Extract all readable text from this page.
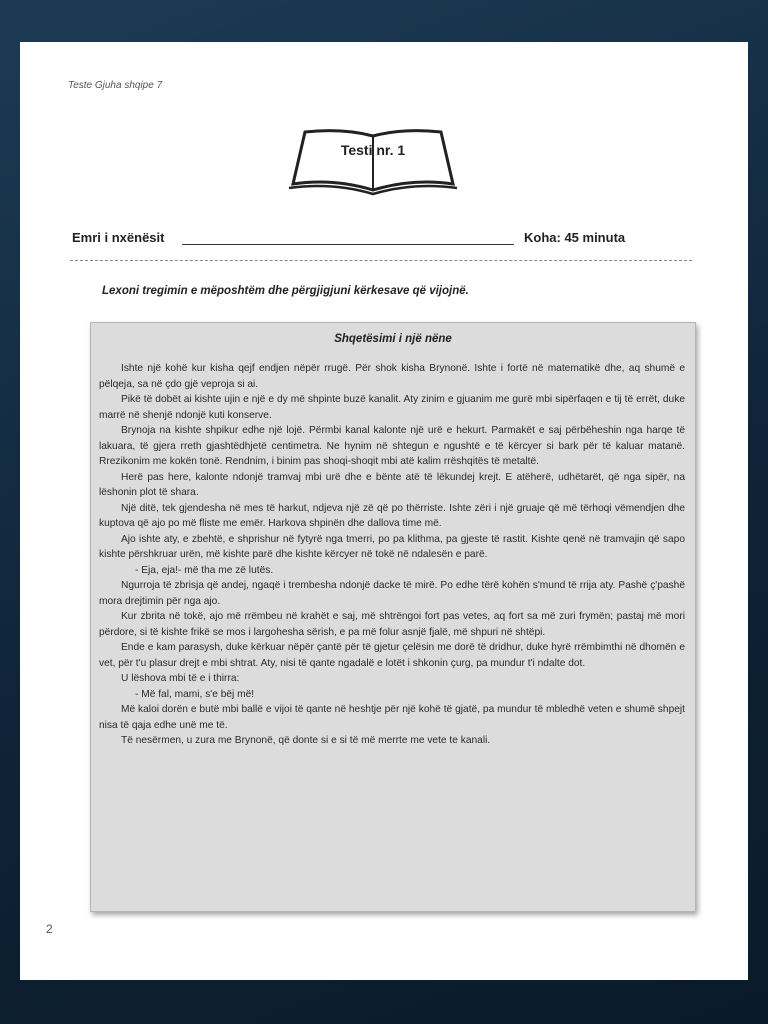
Teste Gjuha shqipe 7
Testi nr. 1
Emri i nxënësit	Koha: 45 minuta
Lexoni tregimin e mëposhtëm dhe përgjigjuni kërkesave që vijojnë.
Shqetësimi i një nëne

Ishte një kohë kur kisha qejf endjen nëpër rrugë. Për shok kisha Brynonë. Ishte i fortë në matematikë dhe, aq shumë e pëlqeja, sa në çdo gjë veproja si ai.

Pikë të dobët ai kishte ujin e një e dy më shpinte buzë kanalit. Aty zinim e gjuanim me gurë mbi sipërfaqen e tij të errët, duke marrë në shenjë ndonjë kuti konserve.

Brynoja na kishte shpikur edhe një lojë. Përmbi kanal kalonte një urë e hekurt. Parmakët e saj përbëheshin nga harqe të lakuara, të gjera rreth gjashtëdhjetë centimetra. Ne hynim në shtegun e ngushtë e të kërcyer si bark për të kaluar matanë. Rrezikonim me kokën tonë. Rendnim, i binim pas shoqi-shoqit mbi atë kalim rrëshqitës të metaltë.

Herë pas here, kalonte ndonjë tramvaj mbi urë dhe e bënte atë të lëkundej krejt. E atëherë, udhëtarët, që nga sipër, na lëshonin plot të shara.

Një ditë, tek gjendesha në mes të harkut, ndjeva një zë që po thërriste. Ishte zëri i një gruaje që më tërhoqi vëmendjen dhe kuptova që ajo po më fliste me emër. Harkova shpinën dhe dallova time më.

Ajo ishte aty, e zbehtë, e shprishur në fytyrë nga tmerri, po pa klithma, pa gjeste të rastit. Kishte qenë në tramvajin që sapo kishte përshkruar urën, më kishte parë dhe kishte kërcyer në tokë në ndalesën e parë.

- Eja, eja!- më tha me zë lutës.

Ngurroja të zbrisja që andej, ngaqë i trembesha ndonjë dacke të mirë. Po edhe tërë kohën s'mund të rrija aty. Pashë ç'pashë mora drejtimin për nga ajo.

Kur zbrita në tokë, ajo më rrëmbeu në krahët e saj, më shtrëngoi fort pas vetes, aq fort sa më zuri frymën; pastaj më mori përdore, si të kishte frikë se mos i largohesha sërish, e pa më folur asnjë fjalë, më shpuri në shtëpi.

Ende e kam parasysh, duke kërkuar nëpër çantë për të gjetur çelësin me dorë të dridhur, duke hyrë rrëmbimthi në dhomën e vet, për t'u plasur drejt e mbi shtrat. Aty, nisi të qante ngadalë e lotët i shkonin çurg, pa mundur t'i ndalte dot.

U lëshova mbi të e i thirra:

- Më fal, mami, s'e bëj më!

Më kaloi dorën e butë mbi ballë e vijoi të qante në heshtje për një kohë të gjatë, pa mundur të mbledhë veten e shumë shpejt nisa të qaja edhe unë me të.

Të nesërmen, u zura me Brynonë, që donte si e si të më merrte me vete te kanali.

2
